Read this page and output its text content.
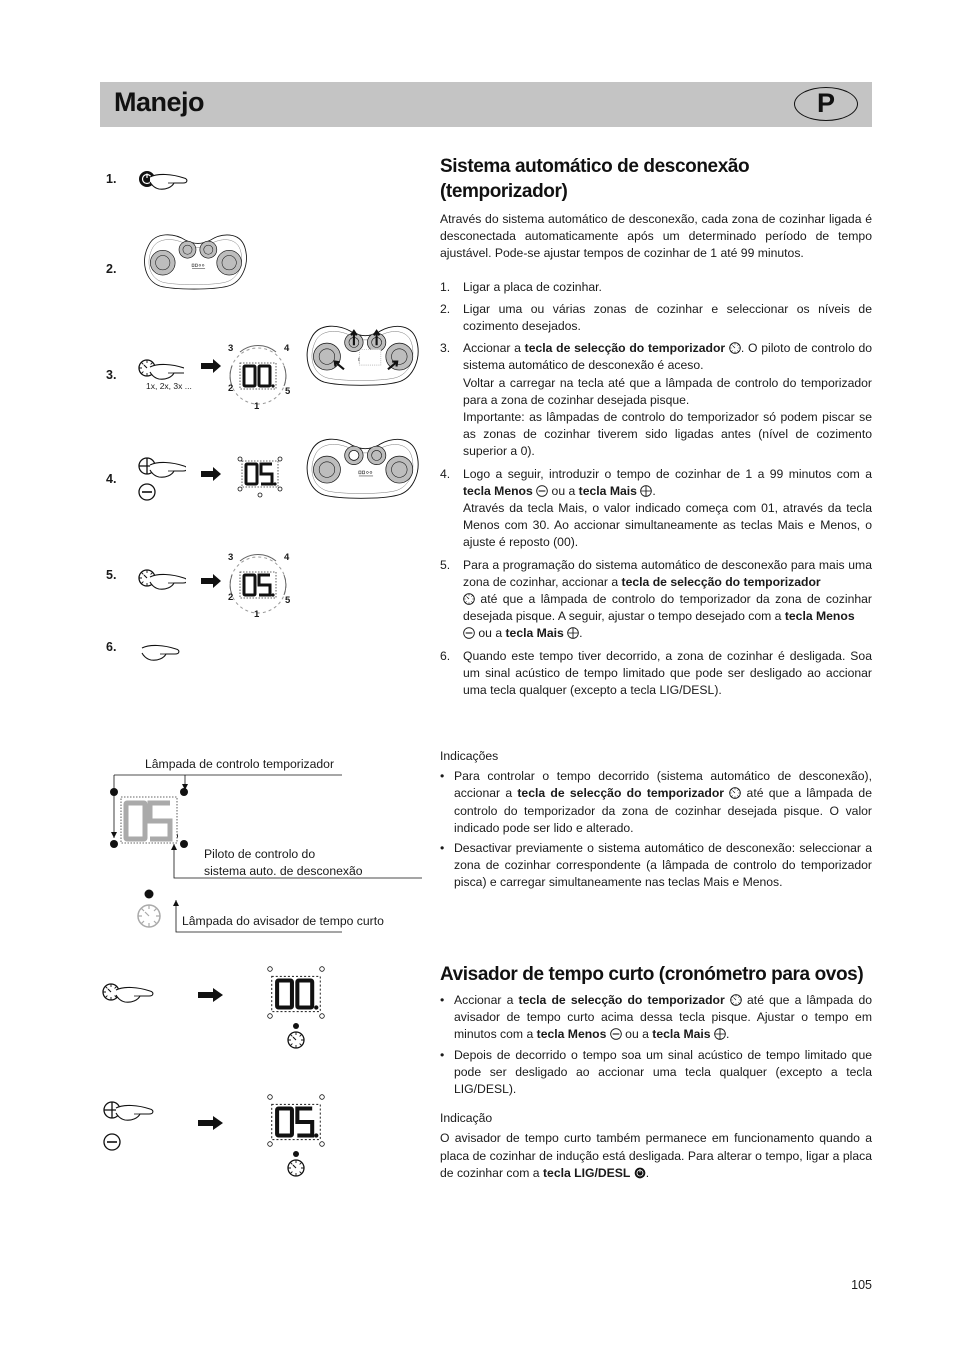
Manejo	P
1.
2.
3.
4.
5.
6.
1x, 2x, 3x ...
3	4
2	5
1
3	4
2	5
1
Lâmpada de controlo temporizador
Piloto de controlo do
sistema auto. de desconexão
Lâmpada do avisador de tempo curto
Sistema automático de desconexão
(temporizador)

Através do sistema automático de desconexão, cada zona de cozinhar ligada é desconectada automaticamente após um determinado período de tempo ajustável. Pode-se ajustar tempos de cozinhar de 1 até 99 minutos.

1. Ligar a placa de cozinhar.
2. Ligar uma ou várias zonas de cozinhar e seleccionar os níveis de cozimento desejados.
3. Accionar a tecla de selecção do temporizador . O piloto de controlo do sistema automático de desconexão é aceso.
Voltar a carregar na tecla até que a lâmpada de controlo do temporizador para a zona de cozinhar desejada pisque.
Importante: as lâmpadas de controlo do temporizador só podem piscar se as zonas de cozinhar tiverem sido ligadas antes (nível de cozimento superior a 0).
4. Logo a seguir, introduzir o tempo de cozinhar de 1 a 99 minutos com a tecla Menos  ou a tecla Mais .
Através da tecla Mais, o valor indicado começa com 01, através da tecla Menos com 30. Ao accionar simultaneamente as teclas Mais e Menos, o ajuste é reposto (00).
5. Para a programação do sistema automático de desconexão para mais uma zona de cozinhar, accionar a tecla de selecção do temporizador
até que a lâmpada de controlo do temporizador da zona de cozinhar desejada pisque. A seguir, ajustar o tempo desejado com a tecla Menos
ou a tecla Mais .
6. Quando este tempo tiver decorrido, a zona de cozinhar é desligada. Soa um sinal acústico de tempo limitado que pode ser desligado ao accionar uma tecla qualquer (excepto a tecla LIG/DESL).

Indicações

• Para controlar o tempo decorrido (sistema automático de desconexão), accionar a tecla de selecção do temporizador  até que a lâmpada de controlo do temporizador da zona de cozinhar desejada pisque. O valor indicado pode ser lido e alterado.
• Desactivar previamente o sistema automático de desconexão: seleccionar a zona de cozinhar correspondente (a lâmpada de controlo do temporizador pisca) e carregar simultaneamente nas teclas Mais e Menos.
Avisador de tempo curto (cronómetro para ovos)
• Accionar a tecla de selecção do temporizador  até que a lâmpada do avisador de tempo curto acima dessa tecla pisque. Ajustar o tempo em minutos com a tecla Menos  ou a tecla Mais .
• Depois de decorrido o tempo soa um sinal acústico de tempo limitado que pode ser desligado ao accionar uma tecla qualquer (excepto a tecla LIG/DESL).

Indicação

O avisador de tempo curto também permanece em funcionamento quando a placa de cozinhar de indução está desligada. Para alterar o tempo, ligar a placa de cozinhar com a tecla LIG/DESL .

105
